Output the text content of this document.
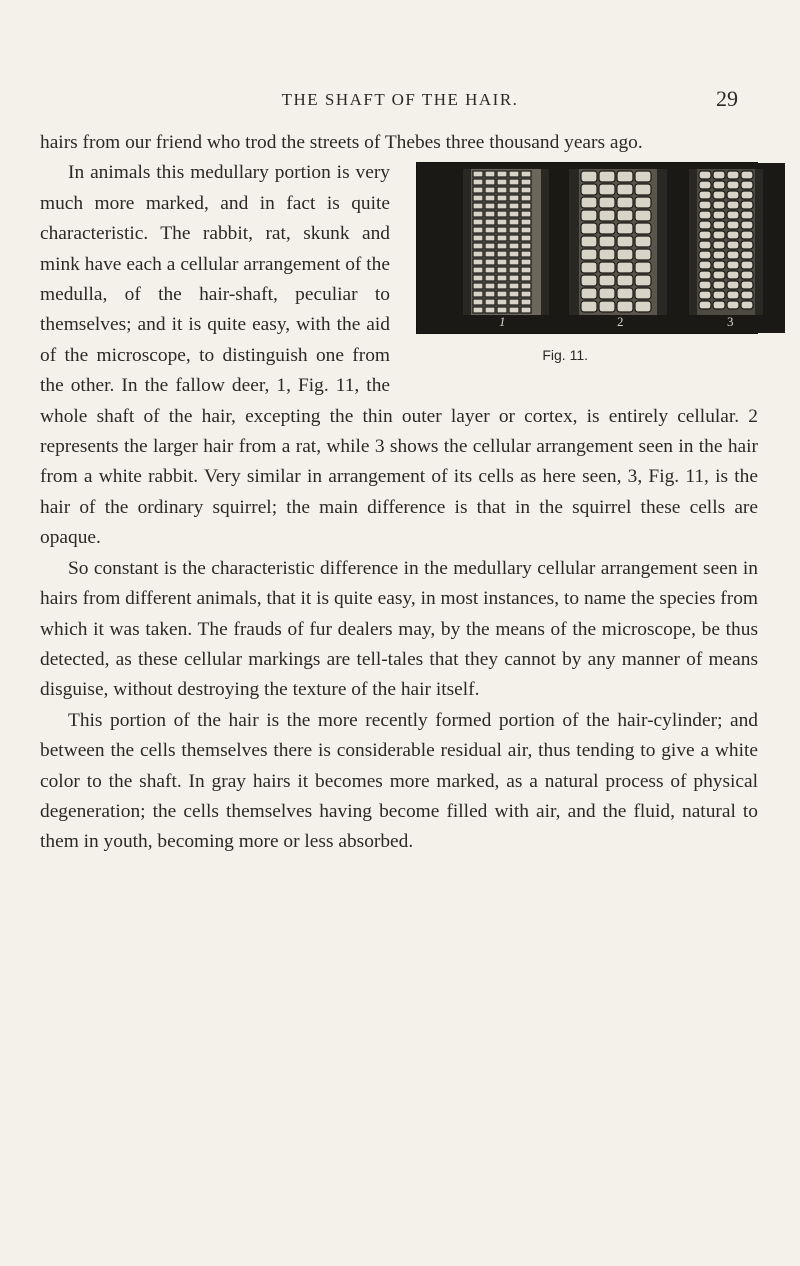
THE SHAFT OF THE HAIR.	29

hairs from our friend who trod the streets of Thebes three thousand years ago.

1	2	3
Fig. 11.
In animals this medullary portion is very much more marked, and in fact is quite characteristic. The rabbit, rat, skunk and mink have each a cellular arrangement of the medulla, of the hair-shaft, peculiar to themselves; and it is quite easy, with the aid of the microscope, to distinguish one from the other. In the fallow deer, 1, Fig. 11, the whole shaft of the hair, excepting the thin outer layer or cortex, is entirely cellular. 2 represents the larger hair from a rat, while 3 shows the cellular arrangement seen in the hair from a white rabbit. Very similar in arrangement of its cells as here seen, 3, Fig. 11, is the hair of the ordinary squirrel; the main difference is that in the squirrel these cells are opaque.

So constant is the characteristic difference in the medullary cellular arrangement seen in hairs from different animals, that it is quite easy, in most instances, to name the species from which it was taken. The frauds of fur dealers may, by the means of the microscope, be thus detected, as these cellular markings are tell-tales that they cannot by any manner of means disguise, without destroying the texture of the hair itself.

This portion of the hair is the more recently formed portion of the hair-cylinder; and between the cells themselves there is considerable residual air, thus tending to give a white color to the shaft. In gray hairs it becomes more marked, as a natural process of physical degeneration; the cells themselves having become filled with air, and the fluid, natural to them in youth, becoming more or less absorbed.
